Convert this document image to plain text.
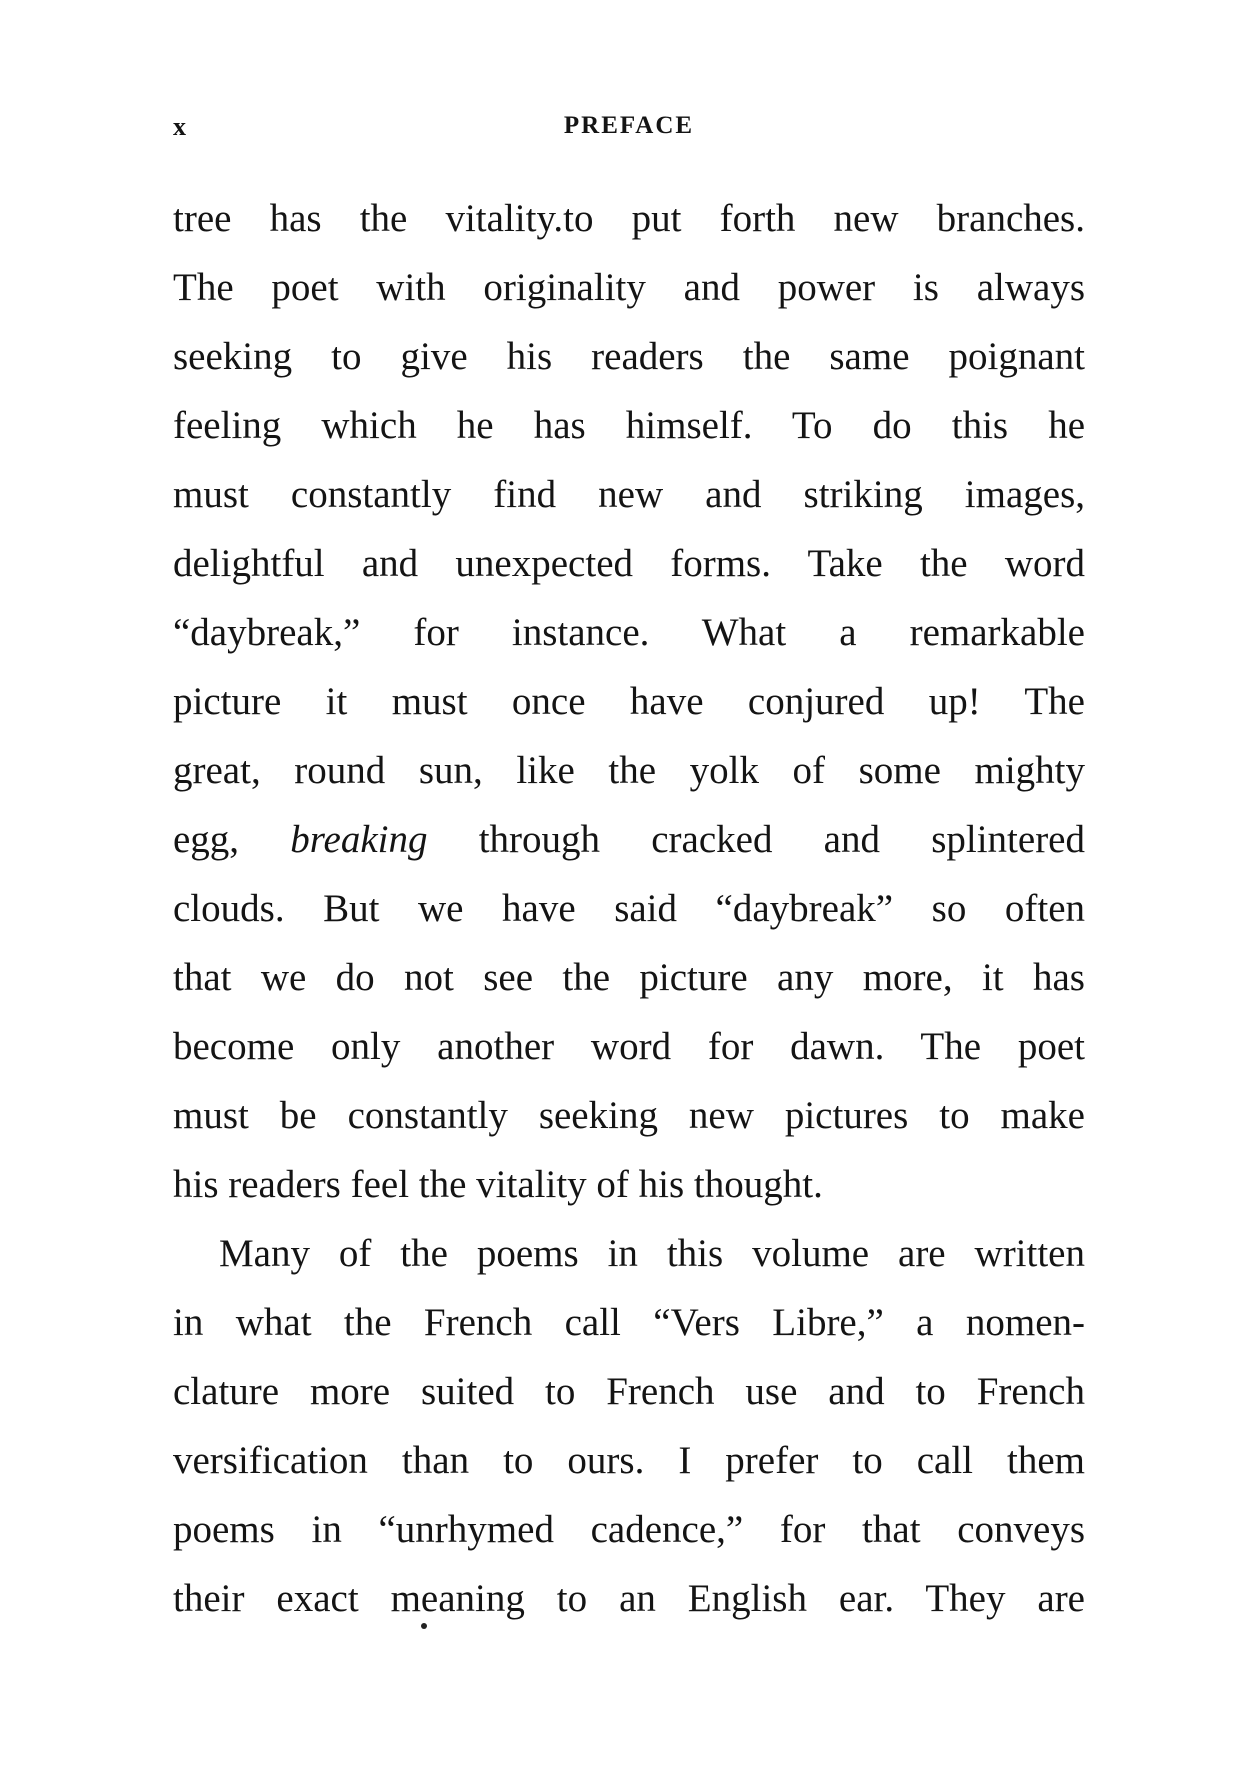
x	PREFACE
tree has the vitality.to put forth new branches.
The poet with originality and power is always
seeking to give his readers the same poignant
feeling which he has himself. To do this he
must constantly find new and striking images,
delightful and unexpected forms. Take the word
“daybreak,” for instance. What a remarkable
picture it must once have conjured up! The
great, round sun, like the yolk of some mighty
egg, breaking through cracked and splintered
clouds. But we have said “daybreak” so often
that we do not see the picture any more, it has
become only another word for dawn. The poet
must be constantly seeking new pictures to make
his readers feel the vitality of his thought.
Many of the poems in this volume are written
in what the French call “Vers Libre,” a nomen-
clature more suited to French use and to French
versification than to ours. I prefer to call them
poems in “unrhymed cadence,” for that conveys
their exact meaning to an English ear. They are
